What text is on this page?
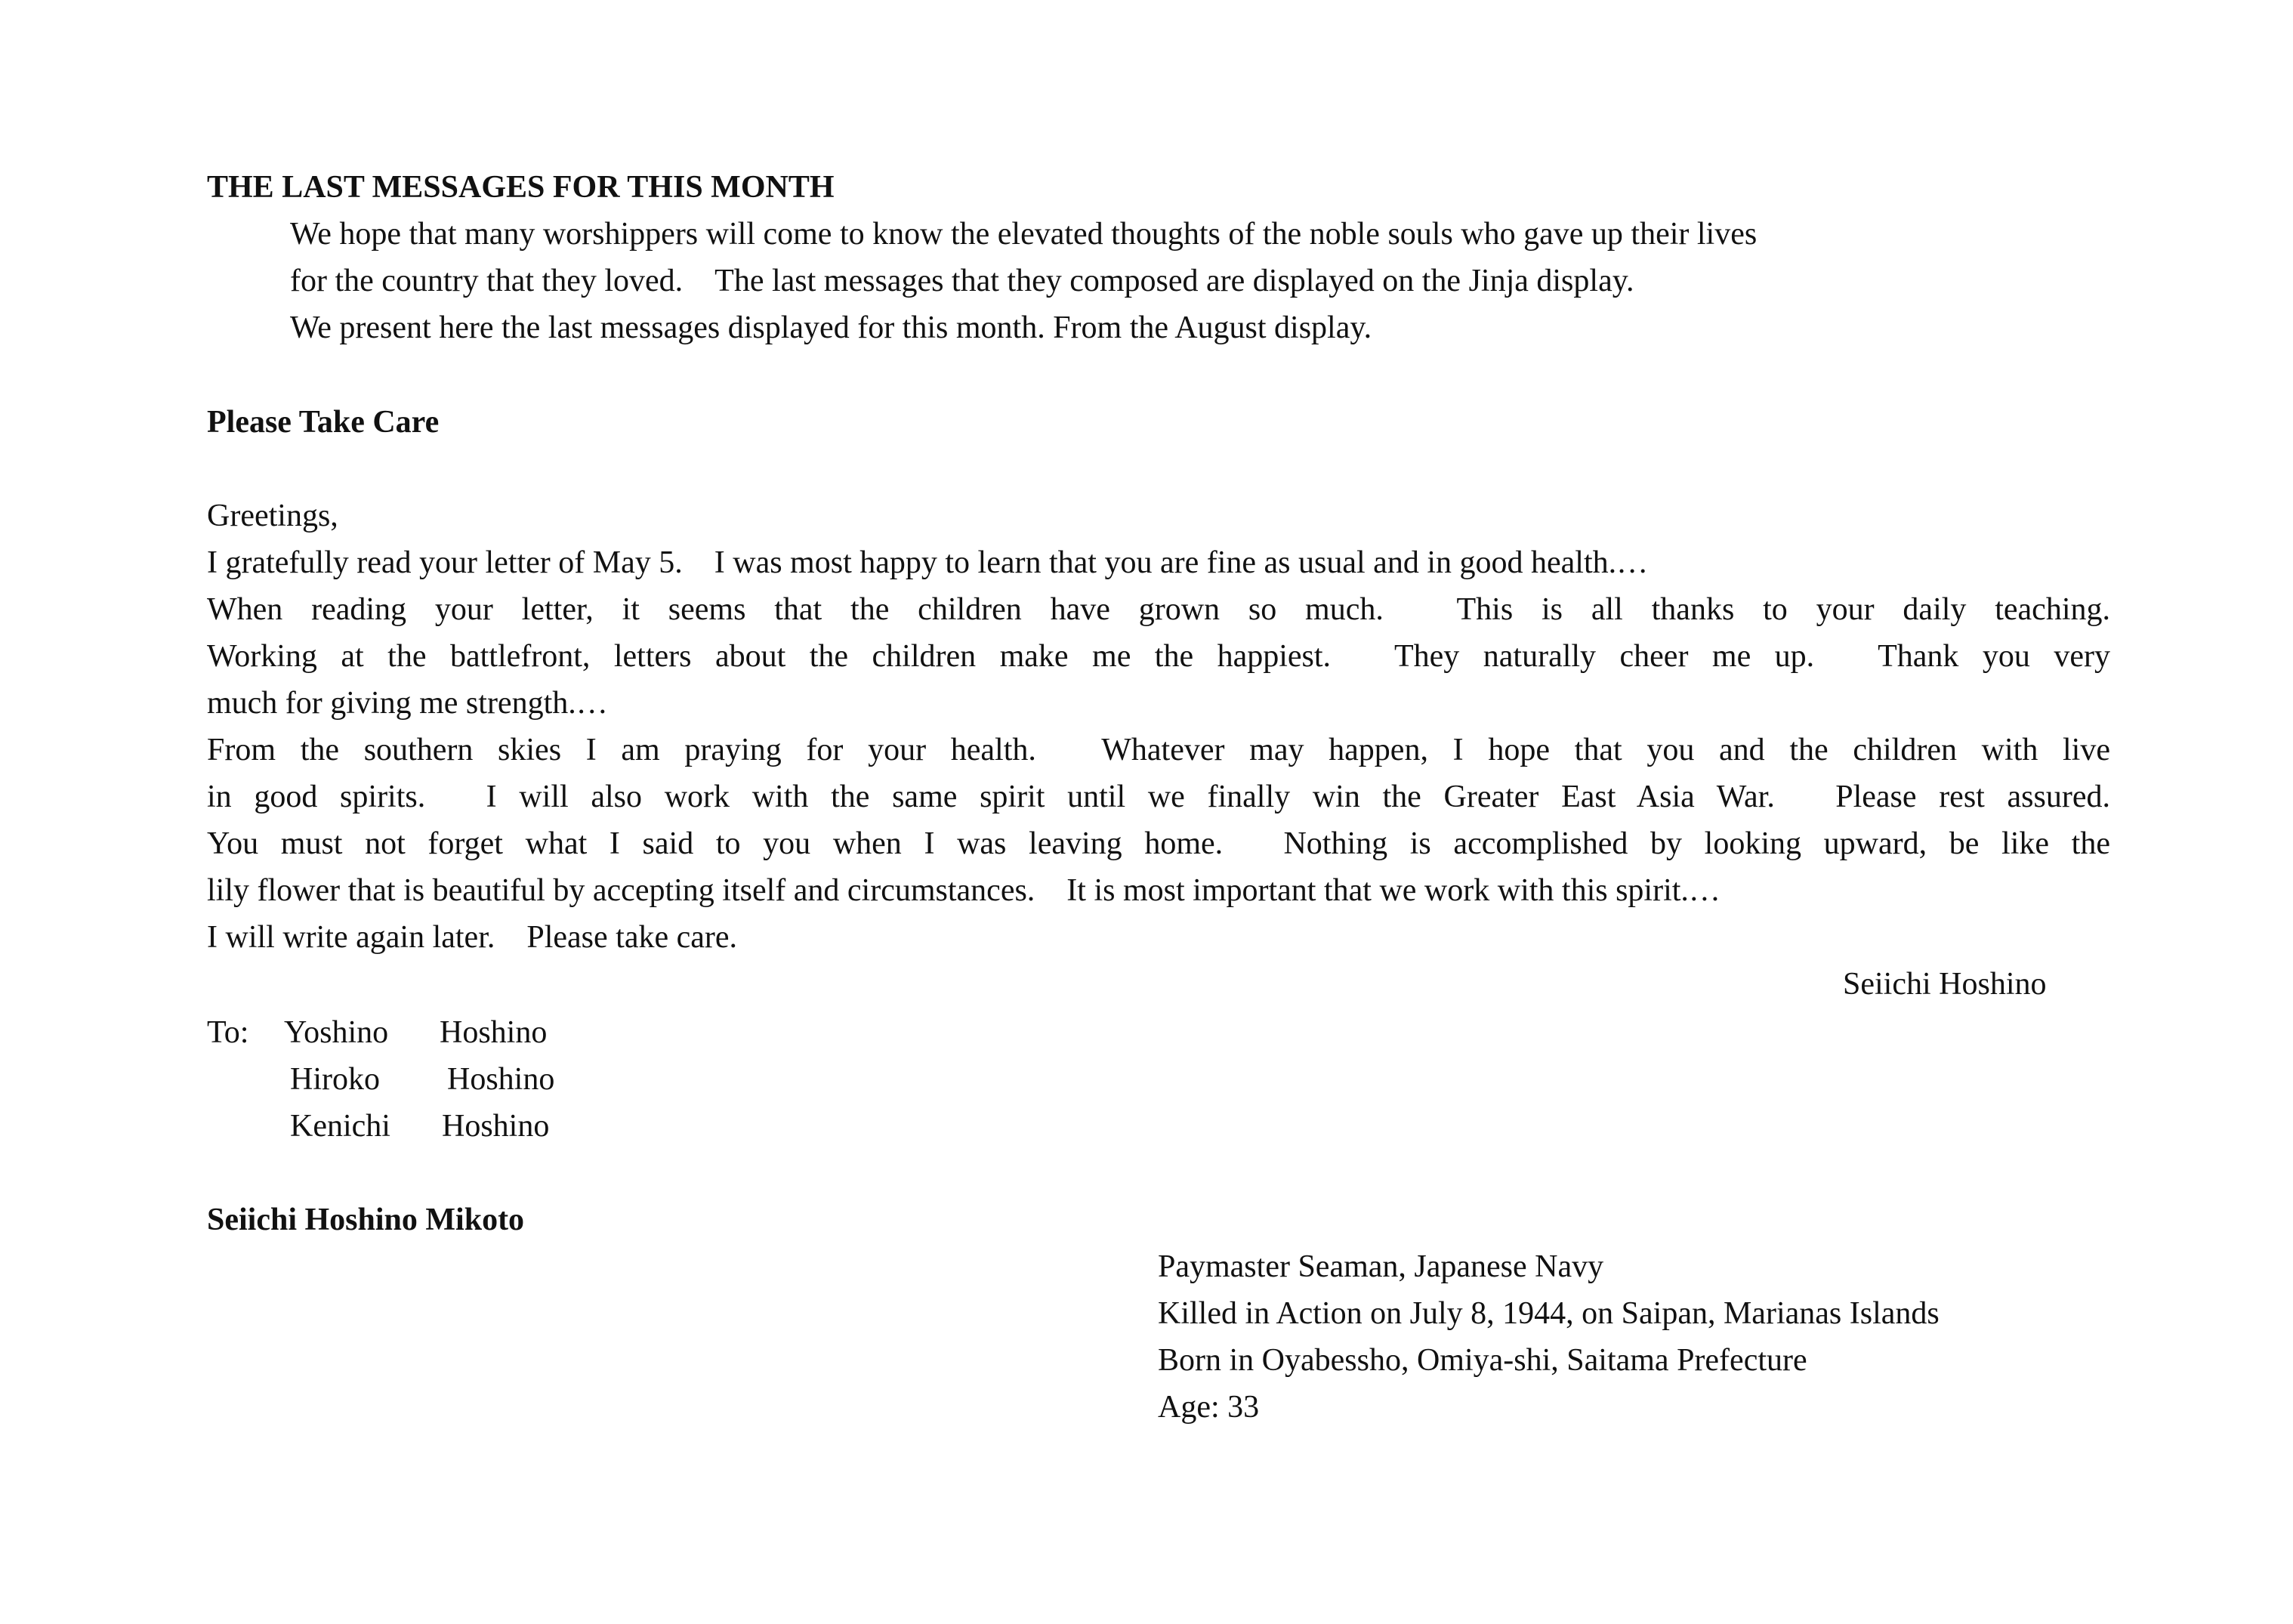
THE LAST MESSAGES FOR THIS MONTH
We hope that many worshippers will come to know the elevated thoughts of the noble souls who gave up their lives
for the country that they loved.　The last messages that they composed are displayed on the Jinja display.
We present here the last messages displayed for this month. From the August display.
Please Take Care
Greetings,
I gratefully read your letter of May 5.　I was most happy to learn that you are fine as usual and in good health.…
When reading your letter, it seems that the children have grown so much.　This is all thanks to your daily teaching.
Working at the battlefront, letters about the children make me the happiest.　They naturally cheer me up.　Thank you very
much for giving me strength.…
From the southern skies I am praying for your health.　Whatever may happen, I hope that you and the children with live
in good spirits.　I will also work with the same spirit until we finally win the Greater East Asia War.　Please rest assured.
You must not forget what I said to you when I was leaving home.　Nothing is accomplished by looking upward, be like the
lily flower that is beautiful by accepting itself and circumstances.　It is most important that we work with this spirit.…
I will write again later.　Please take care.
Seiichi Hoshino
To: Yoshino Hoshino
Hiroko Hoshino
Kenichi Hoshino
Seiichi Hoshino Mikoto
Paymaster Seaman, Japanese Navy
Killed in Action on July 8, 1944, on Saipan, Marianas Islands
Born in Oyabessho, Omiya-shi, Saitama Prefecture
Age: 33
